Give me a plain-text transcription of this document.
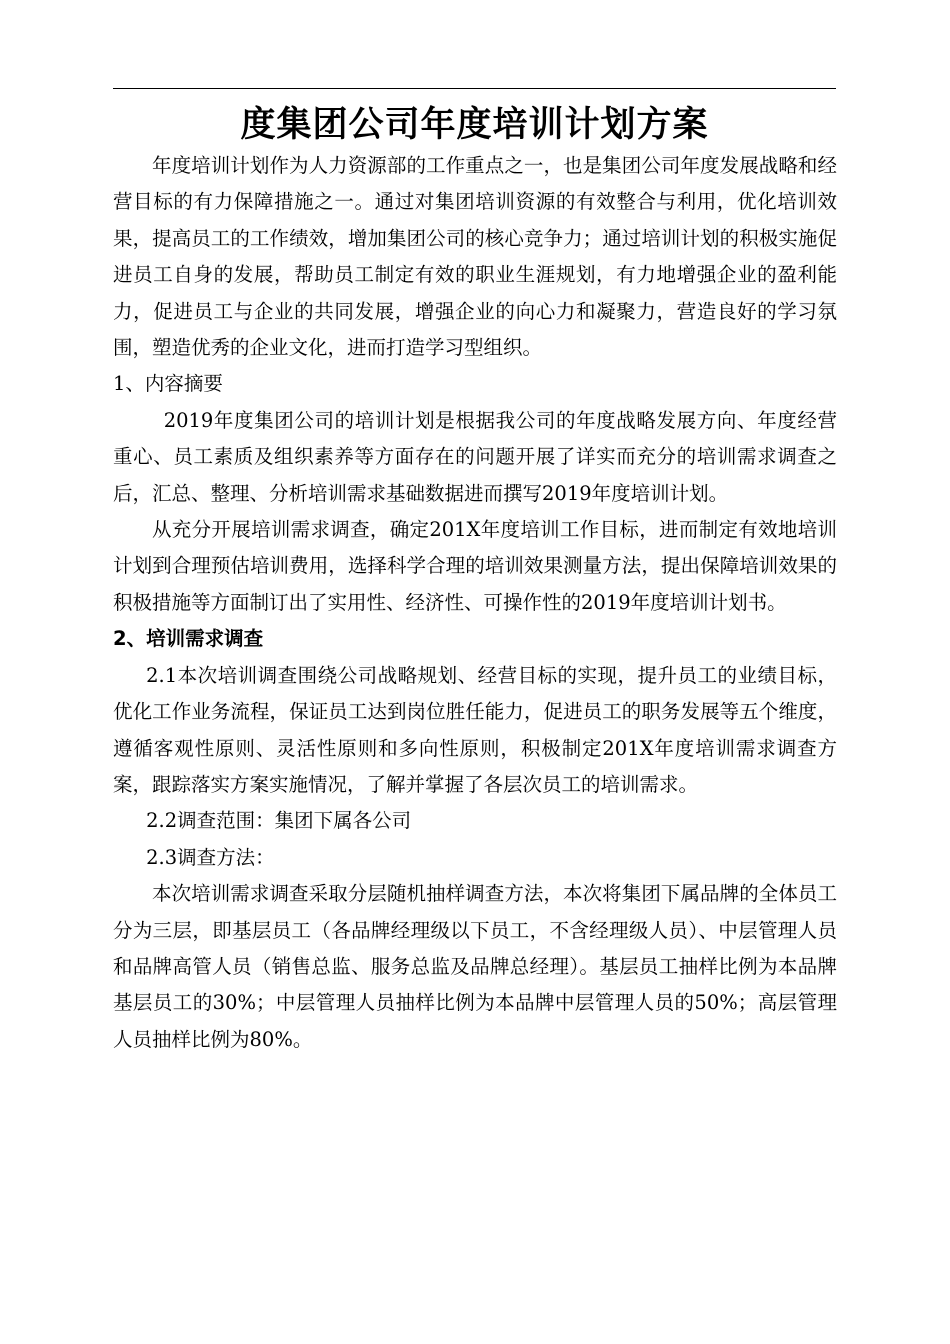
度集团公司年度培训计划方案

年度培训计划作为人力资源部的工作重点之一，也是集团公司年度发展战略和经营目标的有力保障措施之一。通过对集团培训资源的有效整合与利用，优化培训效果，提高员工的工作绩效，增加集团公司的核心竞争力；通过培训计划的积极实施促进员工自身的发展，帮助员工制定有效的职业生涯规划，有力地增强企业的盈利能力，促进员工与企业的共同发展，增强企业的向心力和凝聚力，营造良好的学习氛围，塑造优秀的企业文化，进而打造学习型组织。

1、内容摘要

2019年度集团公司的培训计划是根据我公司的年度战略发展方向、年度经营重心、员工素质及组织素养等方面存在的问题开展了详实而充分的培训需求调查之后，汇总、整理、分析培训需求基础数据进而撰写2019年度培训计划。

从充分开展培训需求调查，确定201X年度培训工作目标，进而制定有效地培训计划到合理预估培训费用，选择科学合理的培训效果测量方法，提出保障培训效果的积极措施等方面制订出了实用性、经济性、可操作性的2019年度培训计划书。

2、培训需求调查

2.1本次培训调查围绕公司战略规划、经营目标的实现，提升员工的业绩目标，优化工作业务流程，保证员工达到岗位胜任能力，促进员工的职务发展等五个维度，遵循客观性原则、灵活性原则和多向性原则，积极制定201X年度培训需求调查方案，跟踪落实方案实施情况，了解并掌握了各层次员工的培训需求。

2.2调查范围：集团下属各公司

2.3调查方法：

本次培训需求调查采取分层随机抽样调查方法，本次将集团下属品牌的全体员工分为三层，即基层员工（各品牌经理级以下员工，不含经理级人员）、中层管理人员和品牌高管人员（销售总监、服务总监及品牌总经理）。基层员工抽样比例为本品牌基层员工的30%；中层管理人员抽样比例为本品牌中层管理人员的50%；高层管理人员抽样比例为80%。
